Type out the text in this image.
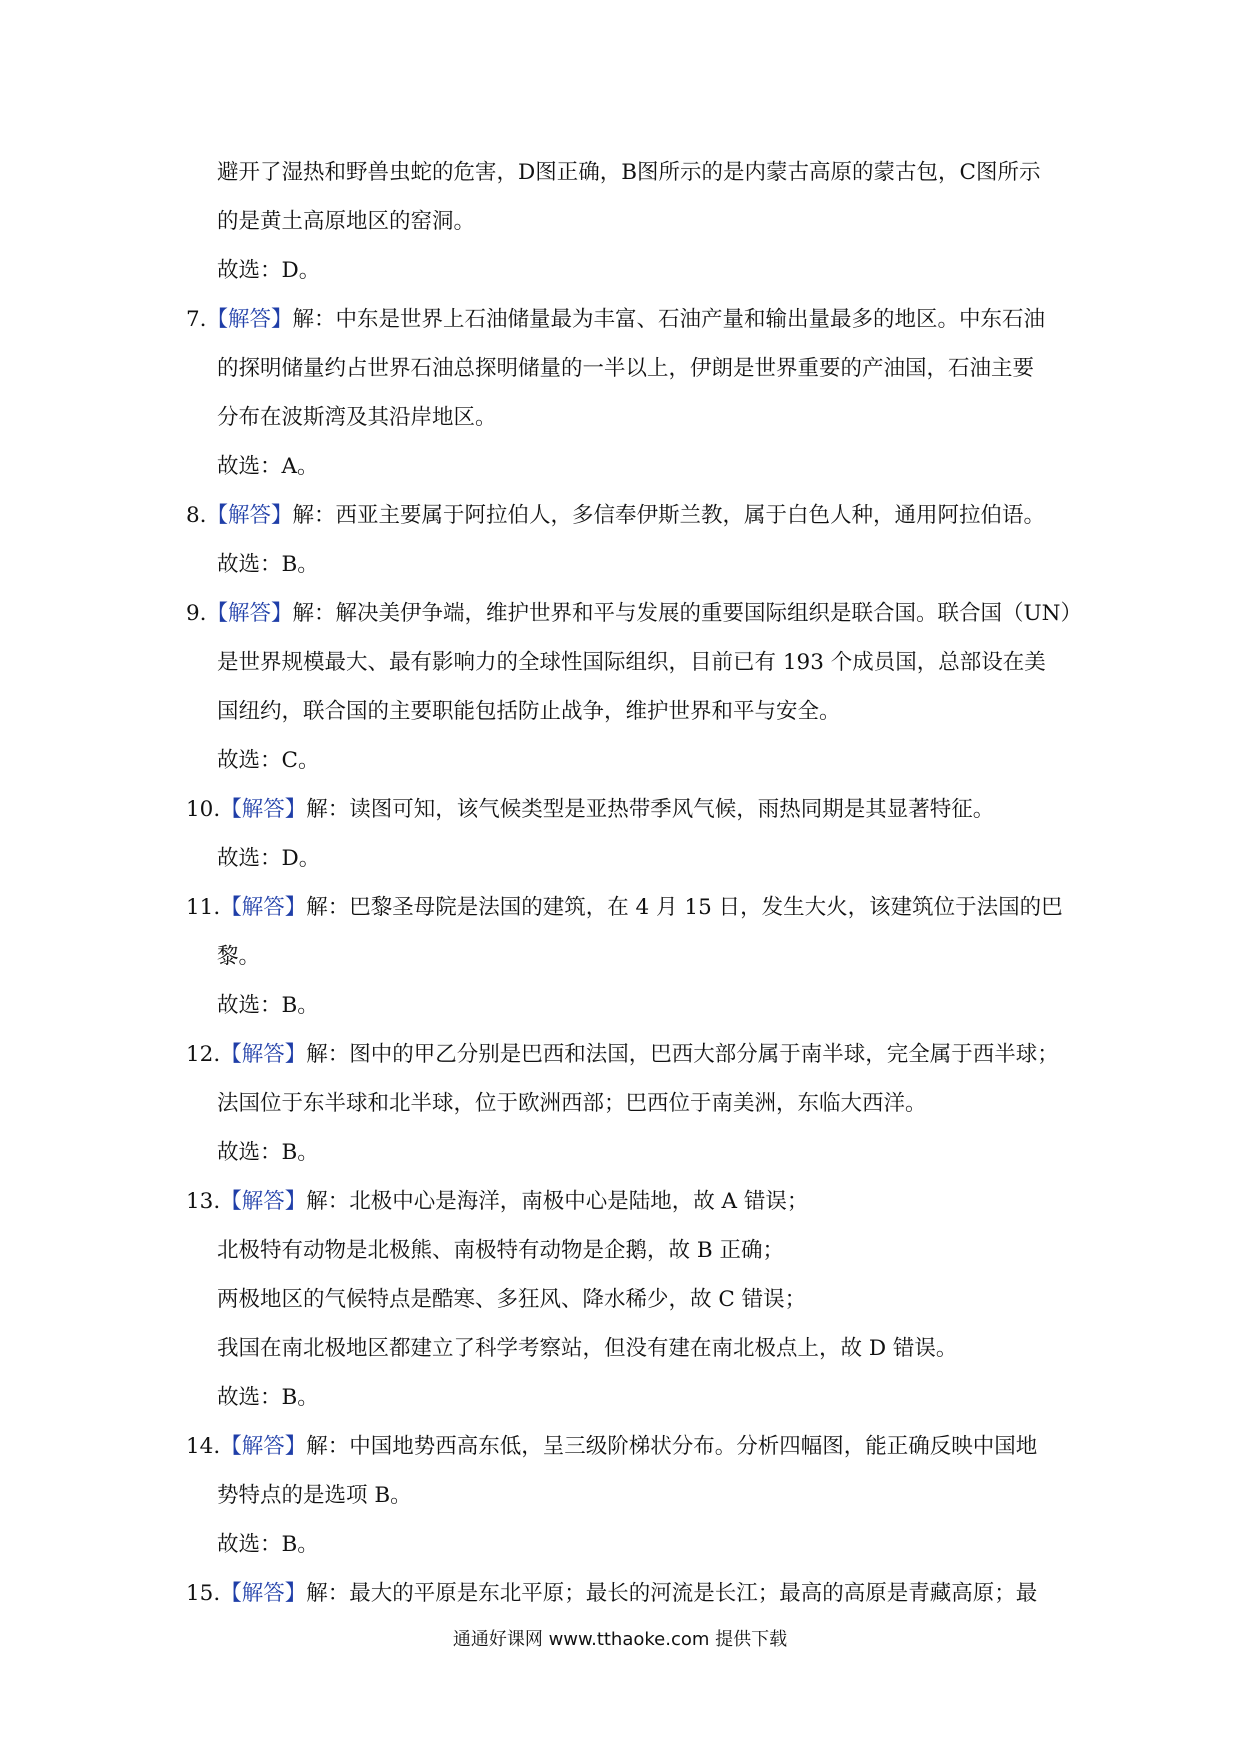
避开了湿热和野兽虫蛇的危害，D图正确，B图所示的是内蒙古高原的蒙古包，C图所示
的是黄土高原地区的窑洞。
故选：D。
7.【解答】解：中东是世界上石油储量最为丰富、石油产量和输出量最多的地区。中东石油
的探明储量约占世界石油总探明储量的一半以上，伊朗是世界重要的产油国，石油主要
分布在波斯湾及其沿岸地区。
故选：A。
8.【解答】解：西亚主要属于阿拉伯人，多信奉伊斯兰教，属于白色人种，通用阿拉伯语。
故选：B。
9.【解答】解：解决美伊争端，维护世界和平与发展的重要国际组织是联合国。联合国（UN）
是世界规模最大、最有影响力的全球性国际组织，目前已有 193 个成员国，总部设在美
国纽约，联合国的主要职能包括防止战争，维护世界和平与安全。
故选：C。
10.【解答】解：读图可知，该气候类型是亚热带季风气候，雨热同期是其显著特征。
故选：D。
11.【解答】解：巴黎圣母院是法国的建筑，在 4 月 15 日，发生大火，该建筑位于法国的巴
黎。
故选：B。
12.【解答】解：图中的甲乙分别是巴西和法国，巴西大部分属于南半球，完全属于西半球；
法国位于东半球和北半球，位于欧洲西部；巴西位于南美洲，东临大西洋。
故选：B。
13.【解答】解：北极中心是海洋，南极中心是陆地，故 A 错误；
北极特有动物是北极熊、南极特有动物是企鹅，故 B 正确；
两极地区的气候特点是酷寒、多狂风、降水稀少，故 C 错误；
我国在南北极地区都建立了科学考察站，但没有建在南北极点上，故 D 错误。
故选：B。
14.【解答】解：中国地势西高东低，呈三级阶梯状分布。分析四幅图，能正确反映中国地
势特点的是选项 B。
故选：B。
15.【解答】解：最大的平原是东北平原；最长的河流是长江；最高的高原是青藏高原；最
通通好课网 www.tthaoke.com 提供下载
